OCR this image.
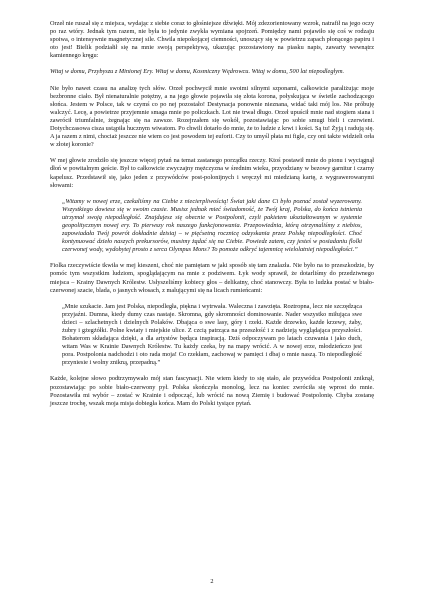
Orzeł nie ruszał się z miejsca, wydając z siebie coraz to głośniejsze dźwięki. Mój zdezorientowany wzrok, natrafił na jego oczy po raz wtóry. Jednak tym razem, nie była to jedynie zwykła wymiana spojrzeń. Pomiędzy nami pojawiło się coś w rodzaju spoiwa, o intensywnie magnetycznej sile. Chwila niepokojącej ciemności, unoszący się w powietrzu zapach płonącego papiru i oto jest! Bielik podziałił się na mnie swoją perspektywą, ukazując pozostawiony na piasku napis, zawarty wewnątrz kamiennego kręgu:

Witaj w domu, Przybyszu z Minionej Ery. Witaj w domu, Kosmiczny Wędrowcu. Witaj w domu, 500 lat niepodległym.

Nie było nawet czasu na analizę tych słów. Orzeł pochwycił mnie swoimi silnymi szponami, całkowicie paraliżując moje bezbronne ciało. Był nienaturalnie potężny, a na jego głowie pojawiła się złota korona, połyskująca w świetle zachodzącego słońca. Jestem w Polsce, tak w czymś co po nej pozostało! Destynacja ponownie nieznana, widać taki mój los. Nie próbuję walczyć. Lecę, a powietrze przyjemnie smaga mnie po policzkach. Lot nie trwał długo. Orzeł upuścił mnie nad stogiem siana i zawrócił triumfalnie, żegnając się na zawsze. Rozejrzałem się wokół, pozostawiając po sobie smugi bieli i czerwieni. Dotychczasowa cisza ustąpiła hucznym wiwatom. Po chwili dotarło do mnie, że to ludzie z krwi i kości. Są tu! Żyją i radują się. A ja razem z nimi, chociaż jeszcze nie wiem co jest powodem tej euforii. Czy to umyśl płata mi figle, czy oni także widzieli orła w złotej koronie?

W mej głowie zrodziło się jeszcze więcej pytań na temat zastanego porządku rzeczy. Ktoś postawił mnie do pionu i wyciągnął dłoń w powitalnym geście. Był to całkowicie zwyczajny mężczyzna w średnim wieku, przyodziany w bezowy garnitur i czarny kapelusz. Przedstawił się, jako jeden z przywódców post-polonijnych i wręczył mi miedzianą kartę, z wygrawerowanymi słowami:

„Witamy w nowej erze, czekaliśmy na Ciebie z niecierpliwością! Świat jaki dane Ci było poznać został wyzerowany. Wszystkiego dowiesz się w swoim czasie. Musisz jednak mieć świadomość, że Twój kraj, Polska, do końca istnienia utrzymał swoją niepodległość. Znajdujesz się obecnie w Postpolonii, czyli pakietem ukształtowanym w systemie geopolitycznym nowej ery. To pierwszy rok naszego funkcjonowania. Przepowiednia, którą otrzymaliśmy z niebios, zapowiadała Twój powrót dokładnie dzisiaj – w pięćsetną rocznicę odzyskania przez Polskę niepodległości. Choć kontynuować dzieło naszych prekursorów, musimy żądać się na Ciebie. Powiedz zatem, czy jesteś w posiadaniu flolki czerwonej wody, wydobytej prosto z serca Olympus Mons? To pomoże odkryć tajemnicę wielolatniej niepodległości.”

Fiolka rzeczywiście tkwiła w mej kieszeni, choć nie pamiętam w jaki sposób się tam znalazła. Nie było na to przeszkodzie, by pomóc tym wszystkim ludziom, spoglądającym na mnie z podziwem. Łyk wody sprawił, że dotarliśmy do przedziwnego miejsca – Krainy Dawnych Królestw. Usłyszeliśmy kobiecy głos – delikatny, choć stanowczy. Była to ludzka postać w biało-czerwonej szacie, blada, o jasnych włosach, z malującymi się na licach rumieńcami:

„Mnie szukacie. Jam jest Polska, niepodległa, piękna i wytrwała. Waleczna i zawzięta. Roztropna, lecz nie szczędząca przyjaźni. Dumna, kiedy dumy czas nastaje. Skromna, gdy skromności dominowanie. Nader wszystko miłująca swe dzieci – szlachetnych i dzielnych Polaków. Dbająca o swe lasy, góry i rzeki. Każde drzewko, każde krzewy, żaby, żubry i gżegżółki. Polne kwiaty i miejskie ulice. Z czcią patrząca na przeszłość i z nadzieją wyglądająca przyszłości. Bohaterom składająca dzięki, a dla artystów będąca inspiracją. Dziś odpoczywam po latach czuwania i jako duch, witam Was w Krainie Dawnych Królestw. Tu każdy czeka, by na mapy wrócić. A w nowej erze, młodzieńczo jest pora. Postpolonia nadchodzi i oto rada moja! Co rzekłam, zachowaj w pamięci i dbaj o mnie naszą. To niepodległość przyniesie i wolny znikną, przepadną.”

Każde, kolejne słowo podtrzymywało mój stan fascynacji. Nie wiem kiedy to się stało, ale przywódca Postpolonii zniknął, pozostawiając po sobie biało-czerwony pył. Polska skończyła monolog, lecz na koniec zwróciła się wprost do mnie. Pozostawiła mi wybór – zostać w Krainie i odpocząć, lub wrócić na nową Ziemię i budować Postpolonię. Chyba zostanę jeszcze trochę, wszak moja misja dobiegła końca. Mam do Polski tysiące pytań.

2
